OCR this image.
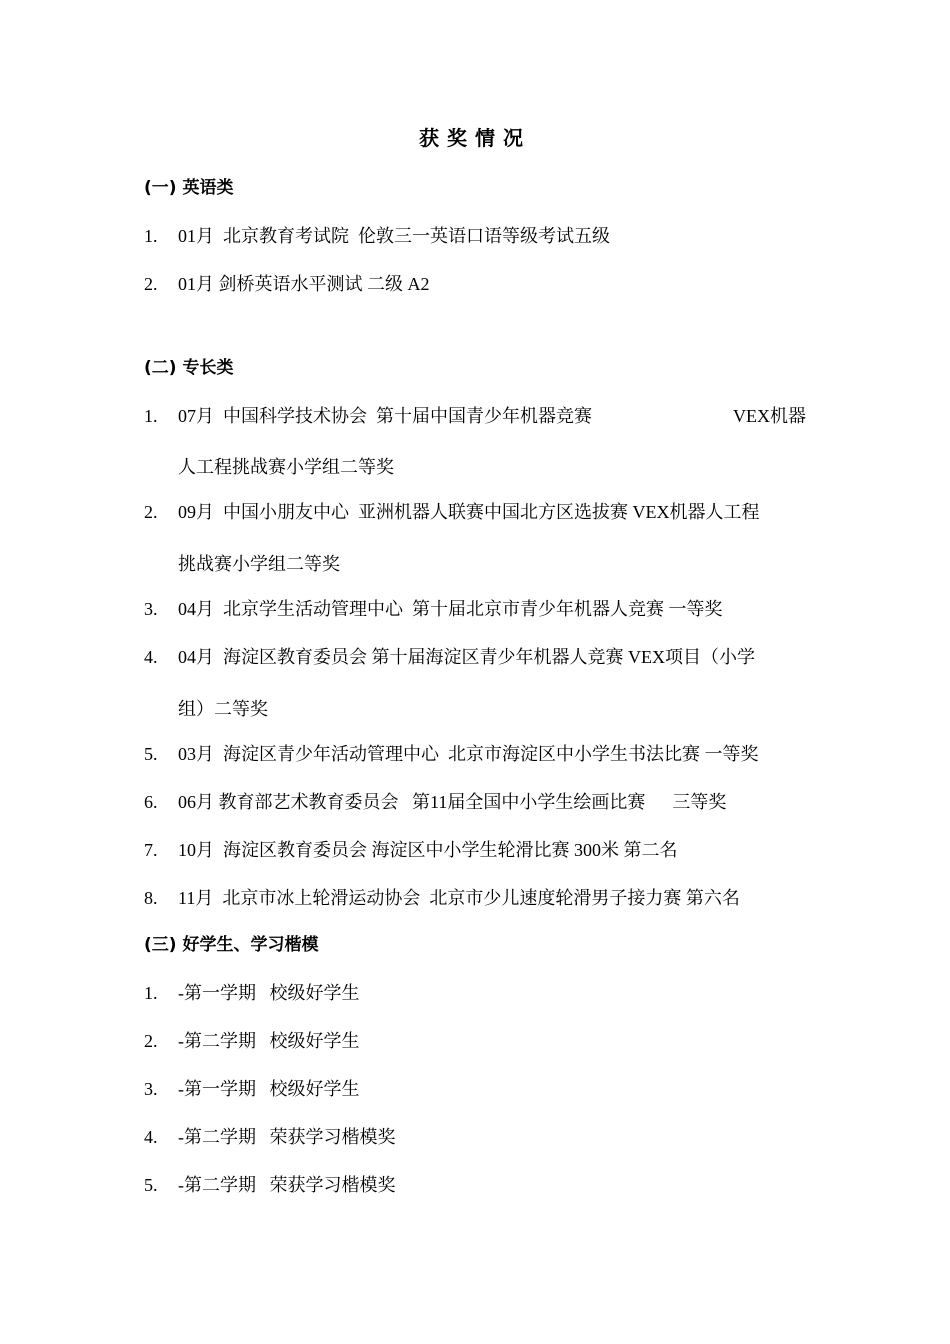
获奖情况
(一) 英语类
1.	01月  北京教育考试院  伦敦三一英语口语等级考试五级
2.	01月 剑桥英语水平测试 二级 A2
(二) 专长类
1.	07月  中国科学技术协会  第十届中国青少年机器竞赛	VEX机器
人工程挑战赛小学组二等奖
2.	09月  中国小朋友中心  亚洲机器人联赛中国北方区选拔赛 VEX机器人工程
挑战赛小学组二等奖
3.	04月  北京学生活动管理中心  第十届北京市青少年机器人竞赛 一等奖
4.	04月  海淀区教育委员会 第十届海淀区青少年机器人竞赛 VEX项目（小学
组）二等奖
5.	03月  海淀区青少年活动管理中心  北京市海淀区中小学生书法比赛 一等奖
6.	06月 教育部艺术教育委员会   第11届全国中小学生绘画比赛      三等奖
7.	10月  海淀区教育委员会 海淀区中小学生轮滑比赛 300米 第二名
8.	11月  北京市冰上轮滑运动协会  北京市少儿速度轮滑男子接力赛 第六名
(三) 好学生、学习楷模
1.	-第一学期   校级好学生
2.	-第二学期   校级好学生
3.	-第一学期   校级好学生
4.	-第二学期   荣获学习楷模奖
5.	-第二学期   荣获学习楷模奖
